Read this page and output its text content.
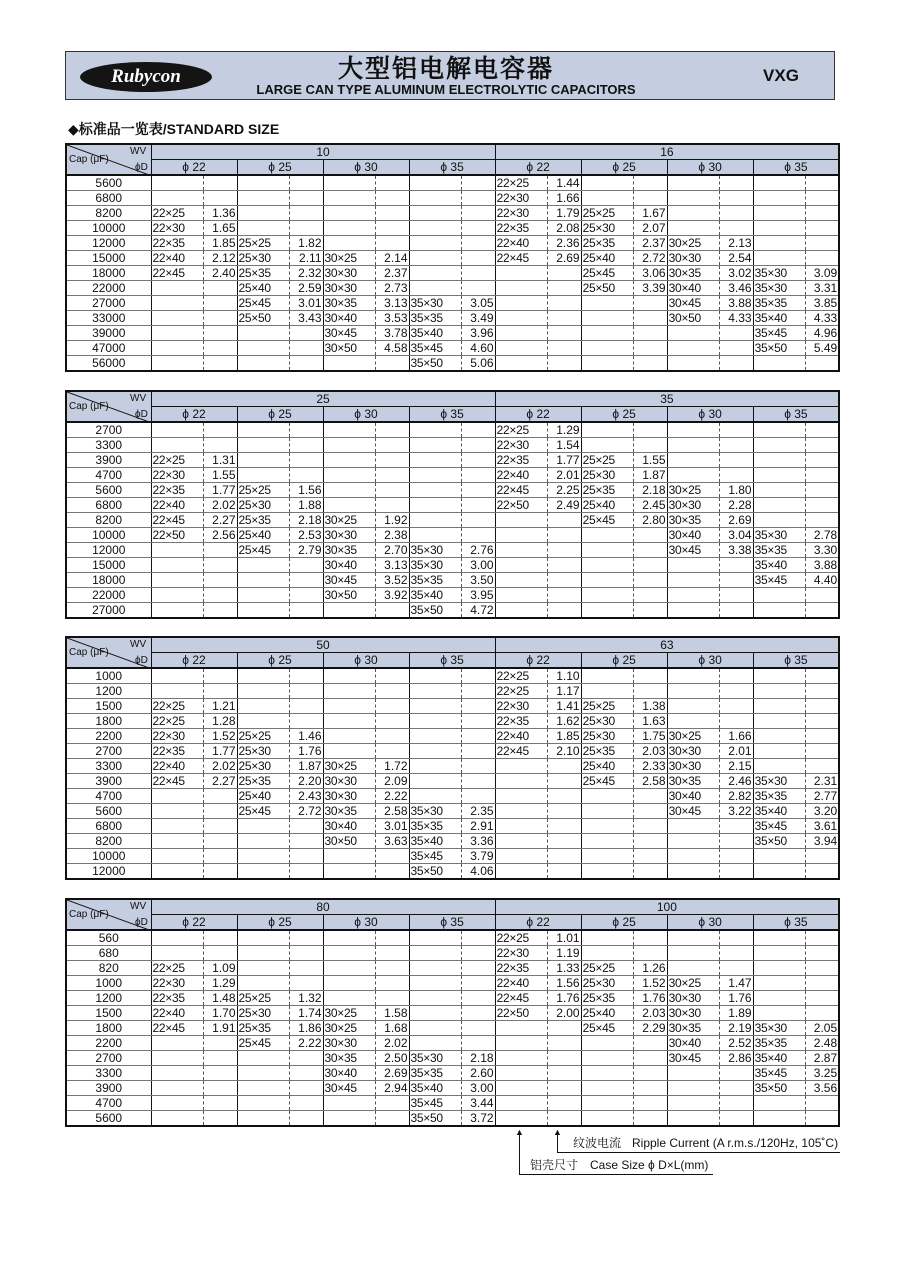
Rubycon	大型铝电解电容器
LARGE CAN TYPE ALUMINUM ELECTROLYTIC CAPACITORS
VXG
◆标准品一览表/STANDARD SIZE
WV
Cap (μF)
ϕD	10								16							
	ϕ 22		ϕ 25		ϕ 30		ϕ 35		ϕ 22		ϕ 25		ϕ 30		ϕ 35	
5600									22×25	1.44						
6800									22×30	1.66						
8200	22×25	1.36							22×30	1.79	25×25	1.67				
10000	22×30	1.65							22×35	2.08	25×30	2.07				
12000	22×35	1.85	25×25	1.82					22×40	2.36	25×35	2.37	30×25	2.13		
15000	22×40	2.12	25×30	2.11	30×25	2.14			22×45	2.69	25×40	2.72	30×30	2.54		
18000	22×45	2.40	25×35	2.32	30×30	2.37					25×45	3.06	30×35	3.02	35×30	3.09
22000			25×40	2.59	30×30	2.73					25×50	3.39	30×40	3.46	35×30	3.31
27000			25×45	3.01	30×35	3.13	35×30	3.05					30×45	3.88	35×35	3.85
33000			25×50	3.43	30×40	3.53	35×35	3.49					30×50	4.33	35×40	4.33
39000					30×45	3.78	35×40	3.96							35×45	4.96
47000					30×50	4.58	35×45	4.60							35×50	5.49
56000							35×50	5.06								
WV
Cap (μF)
ϕD	25								35							
	ϕ 22		ϕ 25		ϕ 30		ϕ 35		ϕ 22		ϕ 25		ϕ 30		ϕ 35	
2700									22×25	1.29						
3300									22×30	1.54						
3900	22×25	1.31							22×35	1.77	25×25	1.55				
4700	22×30	1.55							22×40	2.01	25×30	1.87				
5600	22×35	1.77	25×25	1.56					22×45	2.25	25×35	2.18	30×25	1.80		
6800	22×40	2.02	25×30	1.88					22×50	2.49	25×40	2.45	30×30	2.28		
8200	22×45	2.27	25×35	2.18	30×25	1.92					25×45	2.80	30×35	2.69		
10000	22×50	2.56	25×40	2.53	30×30	2.38							30×40	3.04	35×30	2.78
12000			25×45	2.79	30×35	2.70	35×30	2.76					30×45	3.38	35×35	3.30
15000					30×40	3.13	35×30	3.00							35×40	3.88
18000					30×45	3.52	35×35	3.50							35×45	4.40
22000					30×50	3.92	35×40	3.95								
27000							35×50	4.72								
WV
Cap (μF)
ϕD	50								63							
	ϕ 22		ϕ 25		ϕ 30		ϕ 35		ϕ 22		ϕ 25		ϕ 30		ϕ 35	
1000									22×25	1.10						
1200									22×25	1.17						
1500	22×25	1.21							22×30	1.41	25×25	1.38				
1800	22×25	1.28							22×35	1.62	25×30	1.63				
2200	22×30	1.52	25×25	1.46					22×40	1.85	25×30	1.75	30×25	1.66		
2700	22×35	1.77	25×30	1.76					22×45	2.10	25×35	2.03	30×30	2.01		
3300	22×40	2.02	25×30	1.87	30×25	1.72					25×40	2.33	30×30	2.15		
3900	22×45	2.27	25×35	2.20	30×30	2.09					25×45	2.58	30×35	2.46	35×30	2.31
4700			25×40	2.43	30×30	2.22							30×40	2.82	35×35	2.77
5600			25×45	2.72	30×35	2.58	35×30	2.35					30×45	3.22	35×40	3.20
6800					30×40	3.01	35×35	2.91							35×45	3.61
8200					30×50	3.63	35×40	3.36							35×50	3.94
10000							35×45	3.79								
12000							35×50	4.06								
WV
Cap (μF)
ϕD	80								100							
	ϕ 22		ϕ 25		ϕ 30		ϕ 35		ϕ 22		ϕ 25		ϕ 30		ϕ 35	
560									22×25	1.01						
680									22×30	1.19						
820	22×25	1.09							22×35	1.33	25×25	1.26				
1000	22×30	1.29							22×40	1.56	25×30	1.52	30×25	1.47		
1200	22×35	1.48	25×25	1.32					22×45	1.76	25×35	1.76	30×30	1.76		
1500	22×40	1.70	25×30	1.74	30×25	1.58			22×50	2.00	25×40	2.03	30×30	1.89		
1800	22×45	1.91	25×35	1.86	30×25	1.68					25×45	2.29	30×35	2.19	35×30	2.05
2200			25×45	2.22	30×30	2.02							30×40	2.52	35×35	2.48
2700					30×35	2.50	35×30	2.18					30×45	2.86	35×40	2.87
3300					30×40	2.69	35×35	2.60							35×45	3.25
3900					30×45	2.94	35×40	3.00							35×50	3.56
4700							35×45	3.44								
5600							35×50	3.72								
▲	▲
纹波电流 Ripple Current (A r.m.s./120Hz, 105˚C)
铝壳尺寸 Case Size ϕ D×L(mm)
